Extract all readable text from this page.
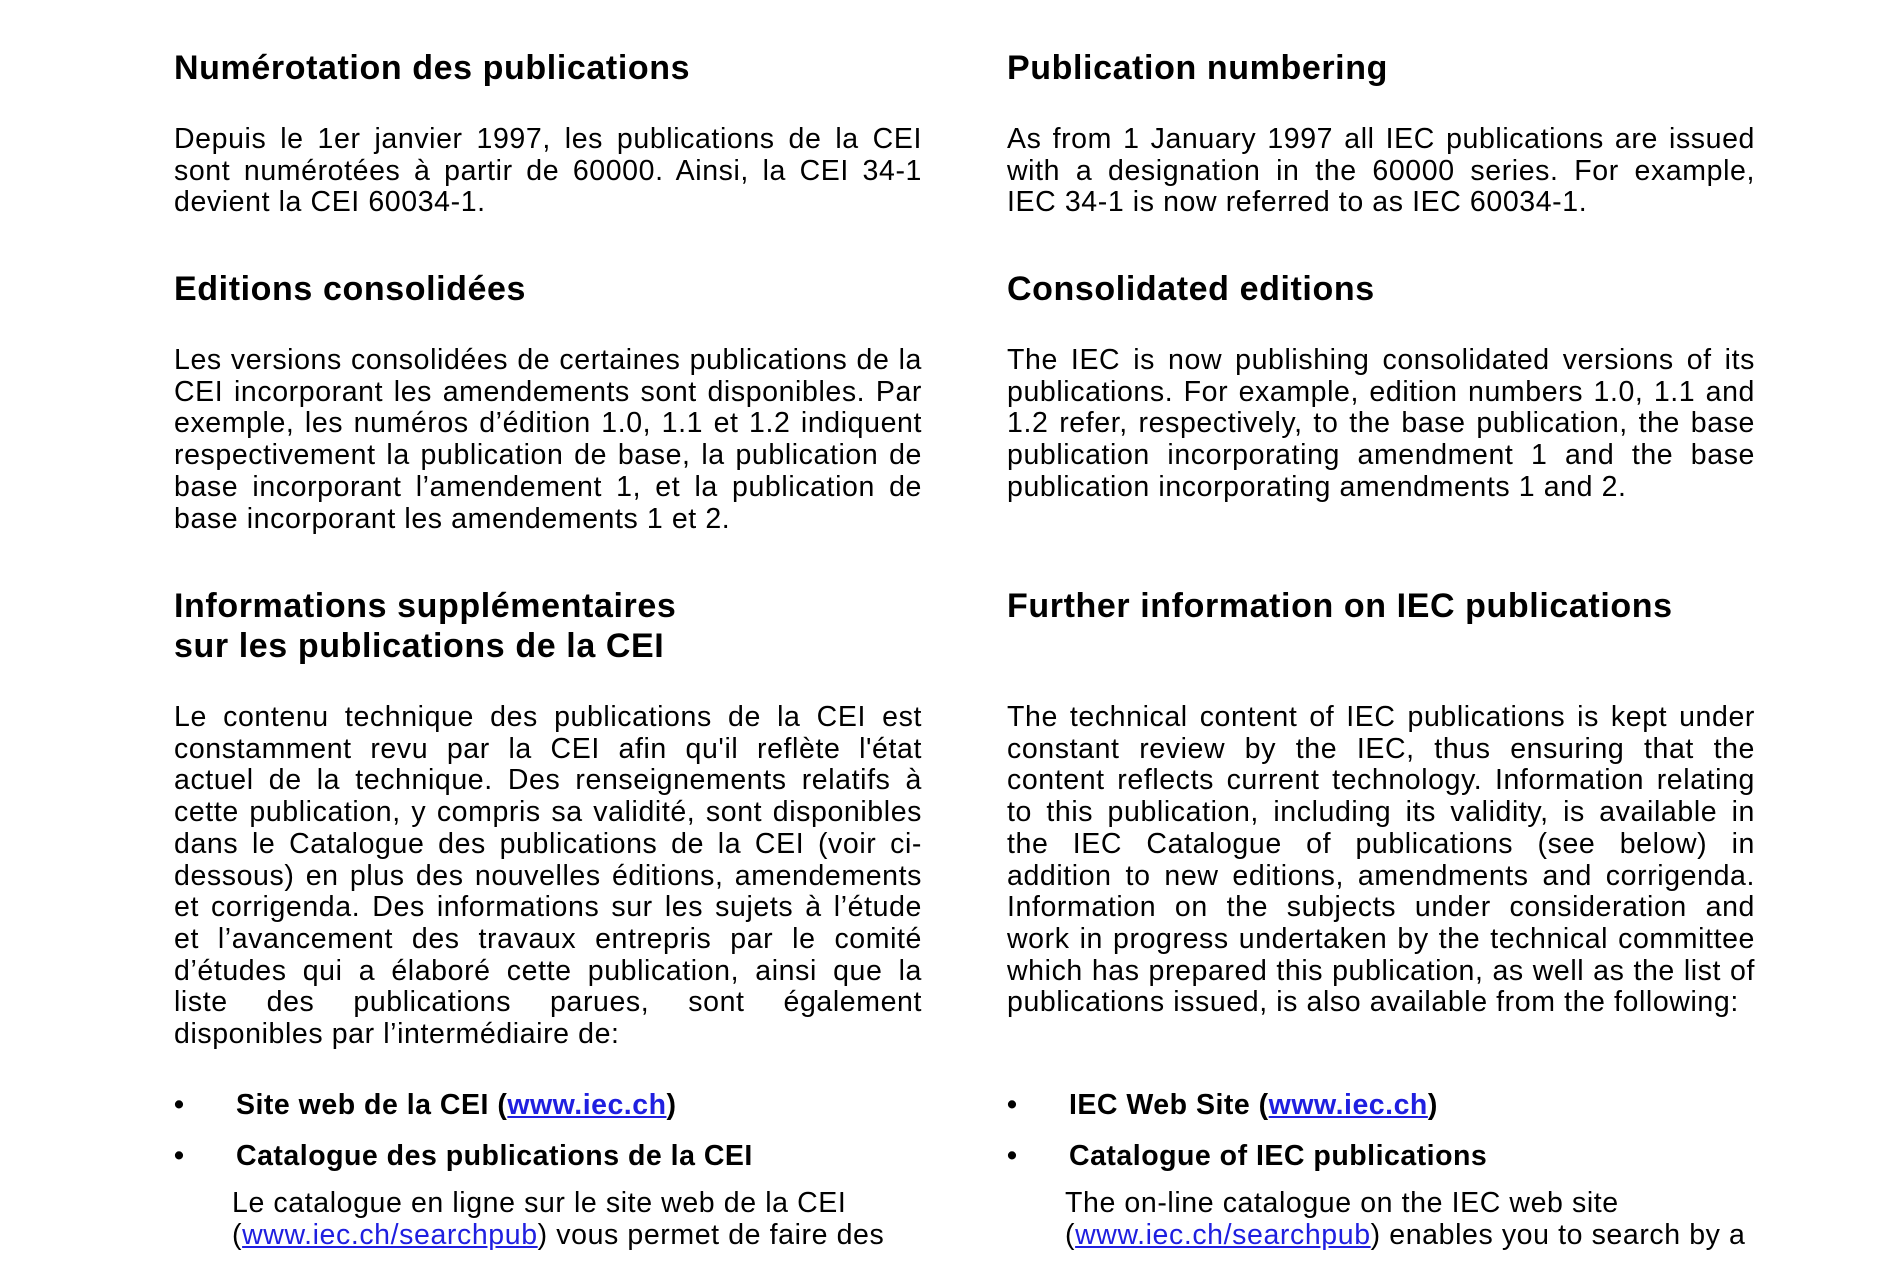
Numérotation des publications

Depuis le 1er janvier 1997, les publications de la CEI sont numérotées à partir de 60000. Ainsi, la CEI 34-1 devient la CEI 60034-1.

Editions consolidées

Les versions consolidées de certaines publications de la CEI incorporant les amendements sont disponibles. Par exemple, les numéros d’édition 1.0, 1.1 et 1.2 indiquent respectivement la publication de base, la publication de base incorporant l’amendement 1, et la publication de base incorporant les amendements 1 et 2.

Informations supplémentaires
sur les publications de la CEI

Le contenu technique des publications de la CEI est constamment revu par la CEI afin qu'il reflète l'état actuel de la technique. Des renseignements relatifs à cette publication, y compris sa validité, sont disponibles dans le Catalogue des publications de la CEI (voir ci-dessous) en plus des nouvelles éditions, amendements et corrigenda. Des informations sur les sujets à l’étude et l’avancement des travaux entrepris par le comité d’études qui a élaboré cette publication, ainsi que la liste des publications parues, sont également disponibles par l’intermédiaire de:

•	Site web de la CEI (www.iec.ch)
•	Catalogue des publications de la CEI

Le catalogue en ligne sur le site web de la CEI
(www.iec.ch/searchpub) vous permet de faire des

Publication numbering

As from 1 January 1997 all IEC publications are issued with a designation in the 60000 series. For example, IEC 34-1 is now referred to as IEC 60034-1.

Consolidated editions

The IEC is now publishing consolidated versions of its publications. For example, edition numbers 1.0, 1.1 and 1.2 refer, respectively, to the base publication, the base publication incorporating amendment 1 and the base publication incorporating amendments 1 and 2.

Further information on IEC publications

The technical content of IEC publications is kept under constant review by the IEC, thus ensuring that the content reflects current technology. Information relating to this publication, including its validity, is available in the IEC Catalogue of publications (see below) in addition to new editions, amendments and corrigenda. Information on the subjects under consideration and work in progress undertaken by the technical committee which has prepared this publication, as well as the list of publications issued, is also available from the following:

•	IEC Web Site (www.iec.ch)
•	Catalogue of IEC publications

The on-line catalogue on the IEC web site
(www.iec.ch/searchpub) enables you to search by a
